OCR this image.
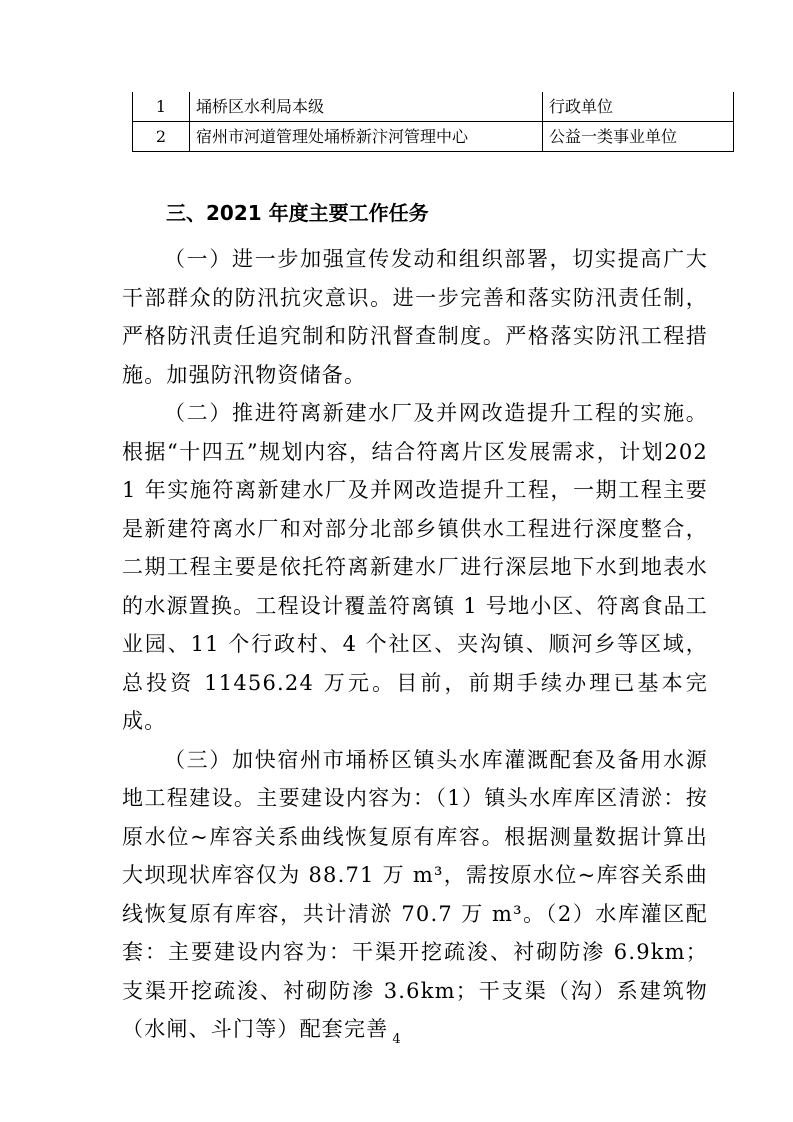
1	埇桥区水利局本级	行政单位
2	宿州市河道管理处埇桥新汴河管理中心	公益一类事业单位
三、2021 年度主要工作任务

（一）进一步加强宣传发动和组织部署，切实提高广大干部群众的防汛抗灾意识。进一步完善和落实防汛责任制，严格防汛责任追究制和防汛督查制度。严格落实防汛工程措施。加强防汛物资储备。

（二）推进符离新建水厂及并网改造提升工程的实施。根据“十四五”规划内容，结合符离片区发展需求，计划2021 年实施符离新建水厂及并网改造提升工程，一期工程主要是新建符离水厂和对部分北部乡镇供水工程进行深度整合，二期工程主要是依托符离新建水厂进行深层地下水到地表水的水源置换。工程设计覆盖符离镇 1 号地小区、符离食品工业园、11 个行政村、4 个社区、夹沟镇、顺河乡等区域，总投资 11456.24 万元。目前，前期手续办理已基本完成。

（三）加快宿州市埇桥区镇头水库灌溉配套及备用水源地工程建设。主要建设内容为：（1）镇头水库库区清淤：按原水位~库容关系曲线恢复原有库容。根据测量数据计算出大坝现状库容仅为 88.71 万 m³，需按原水位~库容关系曲线恢复原有库容，共计清淤 70.7 万 m³。（2）水库灌区配套：主要建设内容为：干渠开挖疏浚、衬砌防渗 6.9km；支渠开挖疏浚、衬砌防渗 3.6km；干支渠（沟）系建筑物（水闸、斗门等）配套完善 4
